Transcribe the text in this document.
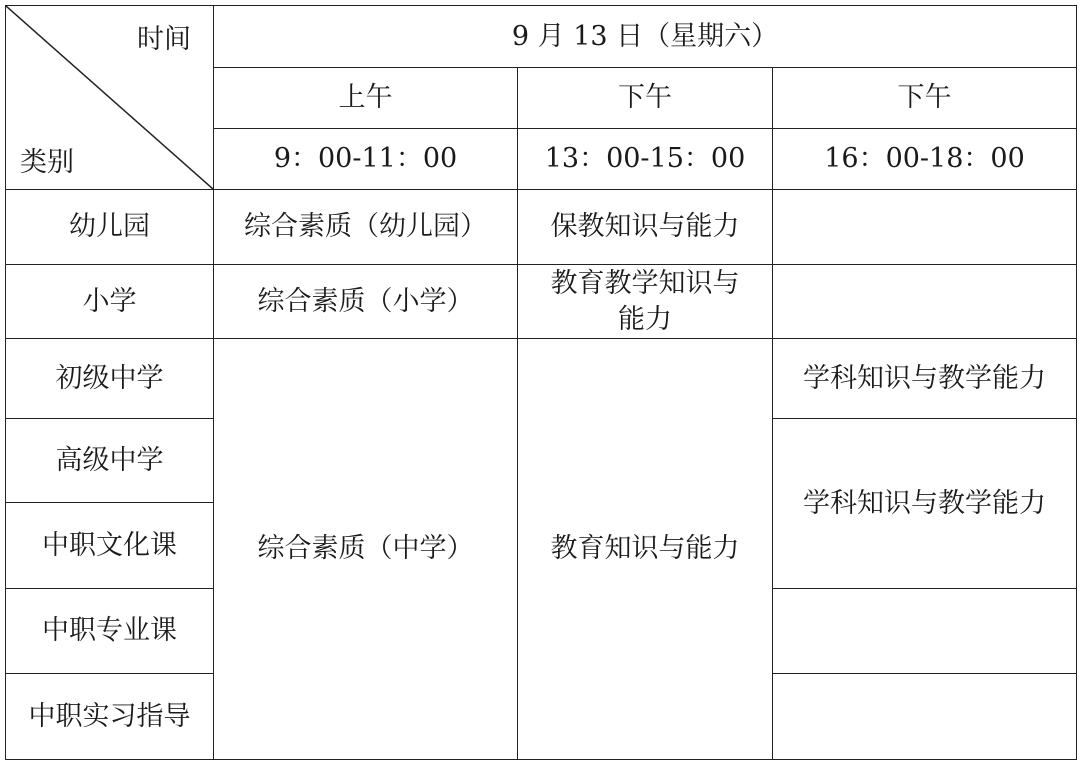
时间
类别	9 月 13 日（星期六）		
	上午	下午	下午
	9：00-11：00	13：00-15：00	16：00-18：00
幼儿园	综合素质（幼儿园）	保教知识与能力	
小学	综合素质（小学）	教育教学知识与能力	
初级中学	综合素质（中学）	教育知识与能力	学科知识与教学能力
高级中学			学科知识与教学能力
中职文化课			
中职专业课			
中职实习指导			
